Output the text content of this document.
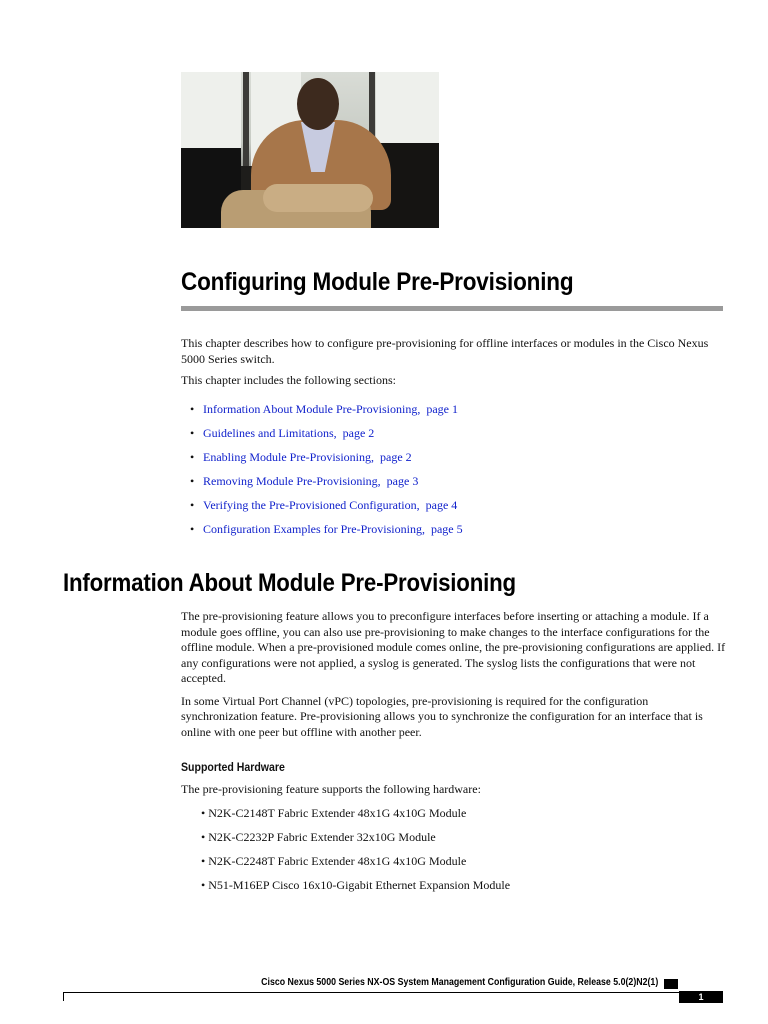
Configuring Module Pre-Provisioning

This chapter describes how to configure pre-provisioning for offline interfaces or modules in the Cisco Nexus 5000 Series switch.

This chapter includes the following sections:

• Information About Module Pre-Provisioning, page 1
• Guidelines and Limitations, page 2
• Enabling Module Pre-Provisioning, page 2
• Removing Module Pre-Provisioning, page 3
• Verifying the Pre-Provisioned Configuration, page 4
• Configuration Examples for Pre-Provisioning, page 5
Information About Module Pre-Provisioning

The pre-provisioning feature allows you to preconfigure interfaces before inserting or attaching a module. If a module goes offline, you can also use pre-provisioning to make changes to the interface configurations for the offline module. When a pre-provisioned module comes online, the pre-provisioning configurations are applied. If any configurations were not applied, a syslog is generated. The syslog lists the configurations that were not accepted.

In some Virtual Port Channel (vPC) topologies, pre-provisioning is required for the configuration synchronization feature. Pre-provisioning allows you to synchronize the configuration for an interface that is online with one peer but offline with another peer.

Supported Hardware

The pre-provisioning feature supports the following hardware:

• N2K-C2148T Fabric Extender 48x1G 4x10G Module
• N2K-C2232P Fabric Extender 32x10G Module
• N2K-C2248T Fabric Extender 48x1G 4x10G Module
• N51-M16EP Cisco 16x10-Gigabit Ethernet Expansion Module
Cisco Nexus 5000 Series NX-OS System Management Configuration Guide, Release 5.0(2)N2(1)
1
